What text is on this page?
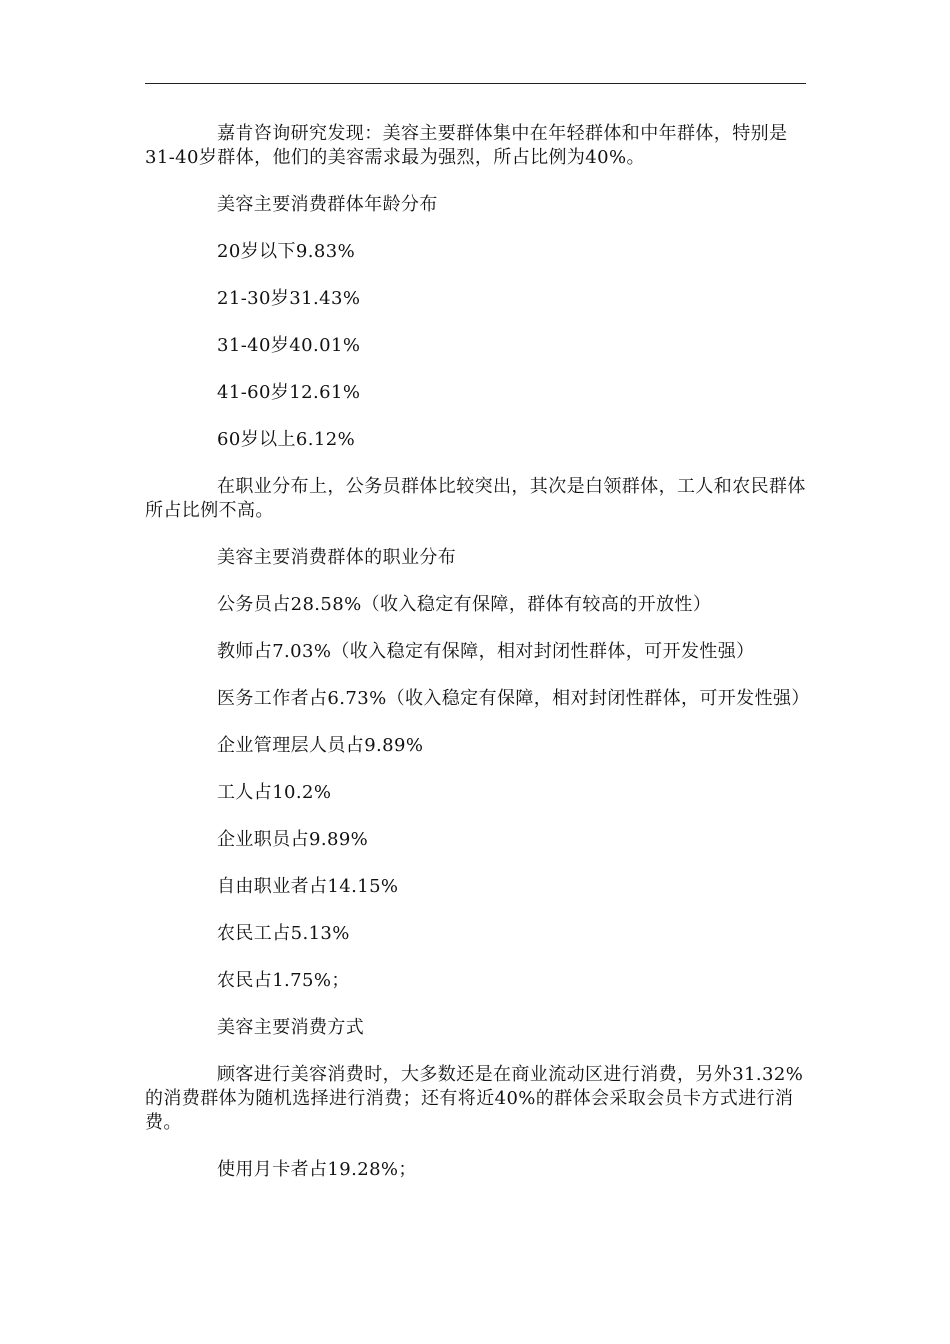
嘉肯咨询研究发现：美容主要群体集中在年轻群体和中年群体，特别是31-40岁群体，他们的美容需求最为强烈，所占比例为40%。

美容主要消费群体年龄分布

20岁以下9.83%

21-30岁31.43%

31-40岁40.01%

41-60岁12.61%

60岁以上6.12%

在职业分布上，公务员群体比较突出，其次是白领群体，工人和农民群体所占比例不高。

美容主要消费群体的职业分布

公务员占28.58%（收入稳定有保障，群体有较高的开放性）

教师占7.03%（收入稳定有保障，相对封闭性群体，可开发性强）

医务工作者占6.73%（收入稳定有保障，相对封闭性群体，可开发性强）

企业管理层人员占9.89%

工人占10.2%

企业职员占9.89%

自由职业者占14.15%

农民工占5.13%

农民占1.75%；

美容主要消费方式

顾客进行美容消费时，大多数还是在商业流动区进行消费，另外31.32%的消费群体为随机选择进行消费；还有将近40%的群体会采取会员卡方式进行消费。

使用月卡者占19.28%；
